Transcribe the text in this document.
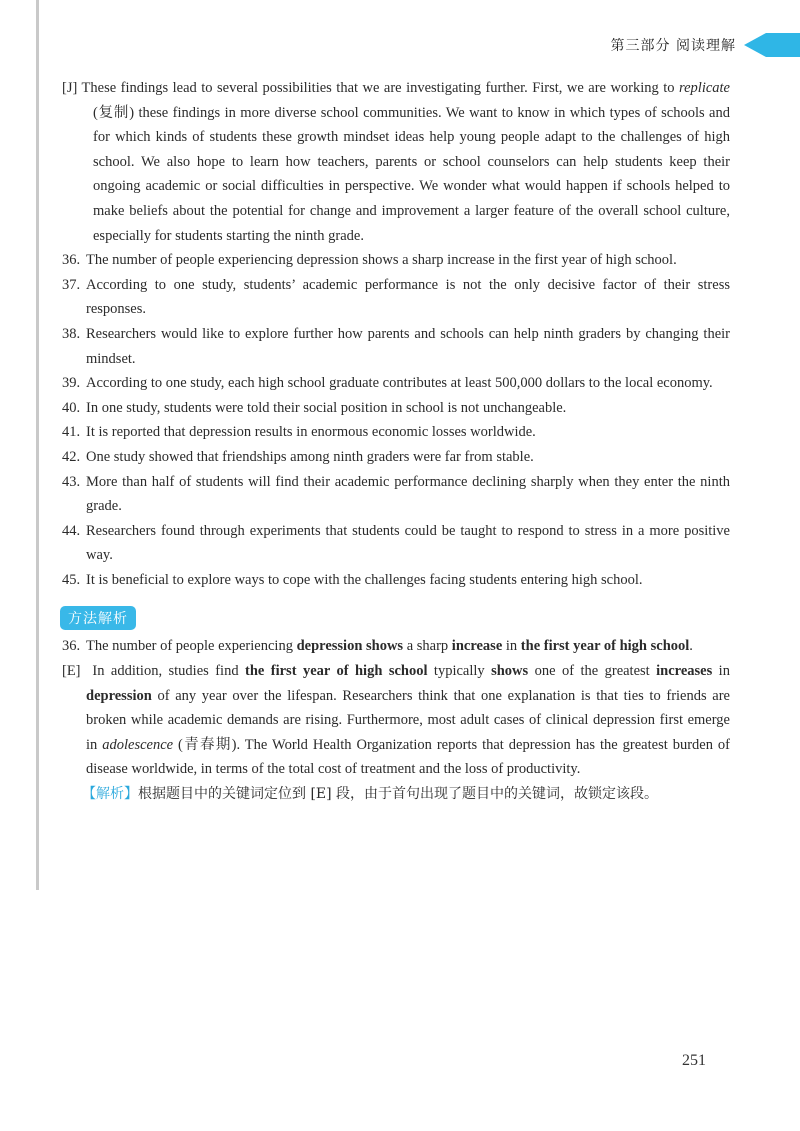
第三部分 阅读理解

[J] These findings lead to several possibilities that we are investigating further. First, we are working to replicate (复制) these findings in more diverse school communities. We want to know in which types of schools and for which kinds of students these growth mindset ideas help young people adapt to the challenges of high school. We also hope to learn how teachers, parents or school counselors can help students keep their ongoing academic or social difficulties in perspective. We wonder what would happen if schools helped to make beliefs about the potential for change and improvement a larger feature of the overall school culture, especially for students starting the ninth grade.

36. The number of people experiencing depression shows a sharp increase in the first year of high school.

37. According to one study, students’ academic performance is not the only decisive factor of their stress responses.

38. Researchers would like to explore further how parents and schools can help ninth graders by changing their mindset.

39. According to one study, each high school graduate contributes at least 500,000 dollars to the local economy.

40. In one study, students were told their social position in school is not unchangeable.

41. It is reported that depression results in enormous economic losses worldwide.

42. One study showed that friendships among ninth graders were far from stable.

43. More than half of students will find their academic performance declining sharply when they enter the ninth grade.

44. Researchers found through experiments that students could be taught to respond to stress in a more positive way.

45. It is beneficial to explore ways to cope with the challenges facing students entering high school.

方法解析

36. The number of people experiencing depression shows a sharp increase in the first year of high school.

[E] In addition, studies find the first year of high school typically shows one of the greatest increases in depression of any year over the lifespan. Researchers think that one explanation is that ties to friends are broken while academic demands are rising. Furthermore, most adult cases of clinical depression first emerge in adolescence (青春期). The World Health Organization reports that depression has the greatest burden of disease worldwide, in terms of the total cost of treatment and the loss of productivity.

【解析】根据题目中的关键词定位到 [E] 段，由于首句出现了题目中的关键词，故锁定该段。

251
